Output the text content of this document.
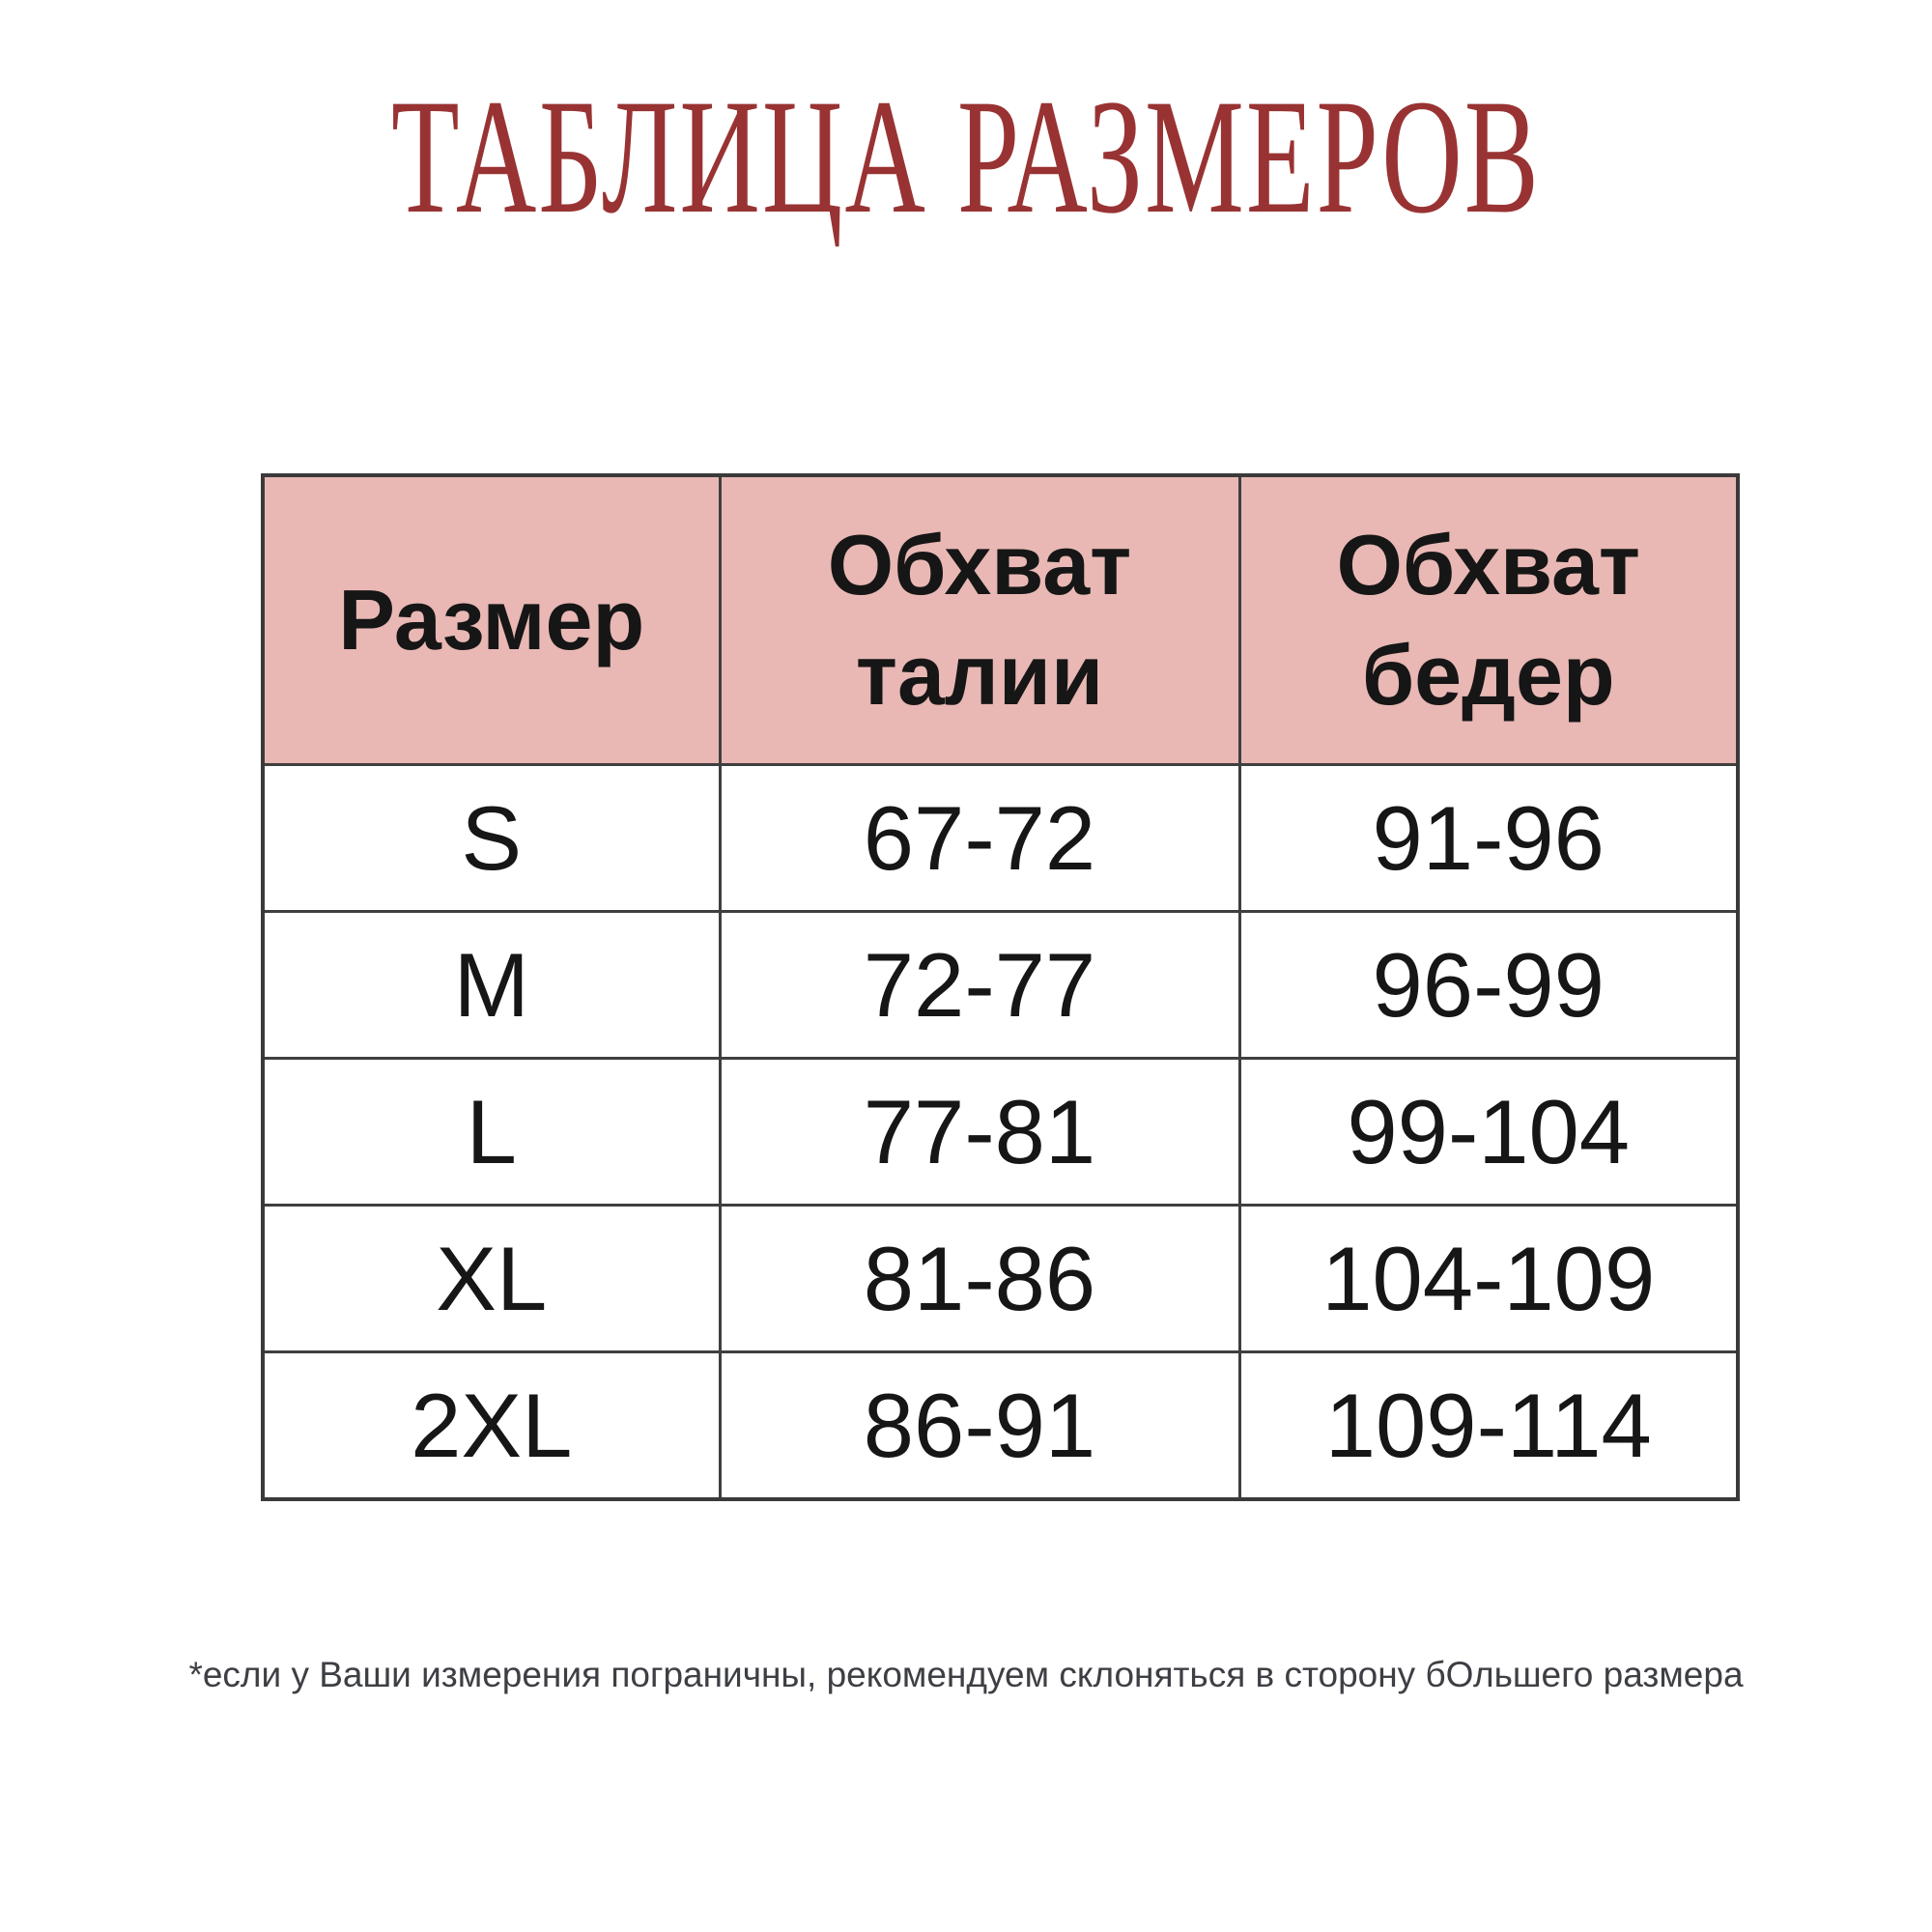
ТАБЛИЦА РАЗМЕРОВ
Размер	Обхват талии	Обхват бедер
S	67-72	91-96
M	72-77	96-99
L	77-81	99-104
XL	81-86	104-109
2XL	86-91	109-114
*если у Ваши измерения пограничны, рекомендуем склоняться в сторону бОльшего размера
